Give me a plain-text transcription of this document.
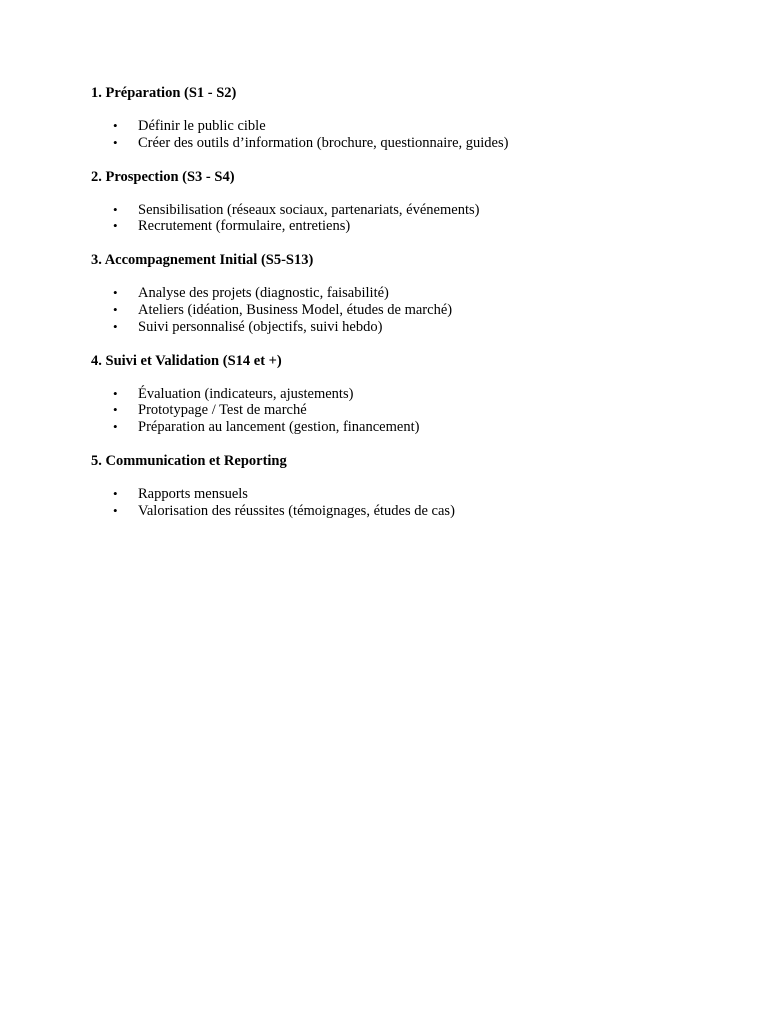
1. Préparation (S1 - S2)

• Définir le public cible
• Créer des outils d’information (brochure, questionnaire, guides)

2. Prospection (S3 - S4)

• Sensibilisation (réseaux sociaux, partenariats, événements)
• Recrutement (formulaire, entretiens)

3. Accompagnement Initial (S5-S13)

• Analyse des projets (diagnostic, faisabilité)
• Ateliers (idéation, Business Model, études de marché)
• Suivi personnalisé (objectifs, suivi hebdo)

4. Suivi et Validation (S14 et +)

• Évaluation (indicateurs, ajustements)
• Prototypage / Test de marché
• Préparation au lancement (gestion, financement)

5. Communication et Reporting

• Rapports mensuels
• Valorisation des réussites (témoignages, études de cas)
